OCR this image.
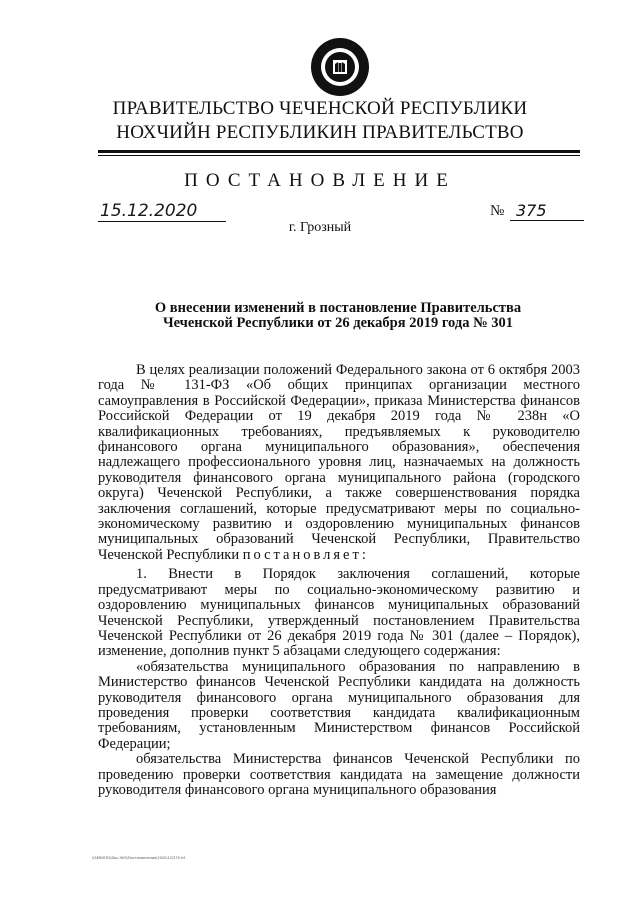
ПРАВИТЕЛЬСТВО ЧЕЧЕНСКОЙ РЕСПУБЛИКИ
НОХЧИЙН РЕСПУБЛИКИН ПРАВИТЕЛЬСТВО
ПОСТАНОВЛЕНИЕ
15.12.2020	№ 375
г. Грозный
О внесении изменений в постановление Правительства
Чеченской Республики от 26 декабря 2019 года № 301

В целях реализации положений Федерального закона от 6 октября 2003 года № 131-ФЗ «Об общих принципах организации местного самоуправления в Российской Федерации», приказа Министерства финансов Российской Федерации от 19 декабря 2019 года № 238н «О квалификационных требованиях, предъявляемых к руководителю финансового органа муниципального образования», обеспечения надлежащего профессионального уровня лиц, назначаемых на должность руководителя финансового органа муниципального района (городского округа) Чеченской Республики, а также совершенствования порядка заключения соглашений, которые предусматривают меры по социально-экономическому развитию и оздоровлению муниципальных финансов муниципальных образований Чеченской Республики, Правительство Чеченской Республики постановляет:

1. Внести в Порядок заключения соглашений, которые предусматривают меры по социально-экономическому развитию и оздоровлению муниципальных финансов муниципальных образований Чеченской Республики, утвержденный постановлением Правительства Чеченской Республики от 26 декабря 2019 года № 301 (далее – Порядок), изменение, дополнив пункт 5 абзацами следующего содержания:

«обязательства муниципального образования по направлению в Министерство финансов Чеченской Республики кандидата на должность руководителя финансового органа муниципального образования для проведения проверки соответствия кандидата квалификационным требованиям, установленным Министерством финансов Российской Федерации;

обязательства Министерства финансов Чеченской Республики по проведению проверки соответствия кандидата на замещение должности руководителя финансового органа муниципального образования

\\SERVER2\Doc-ЭКЗ\Постановления\2020\12\375.rtf
